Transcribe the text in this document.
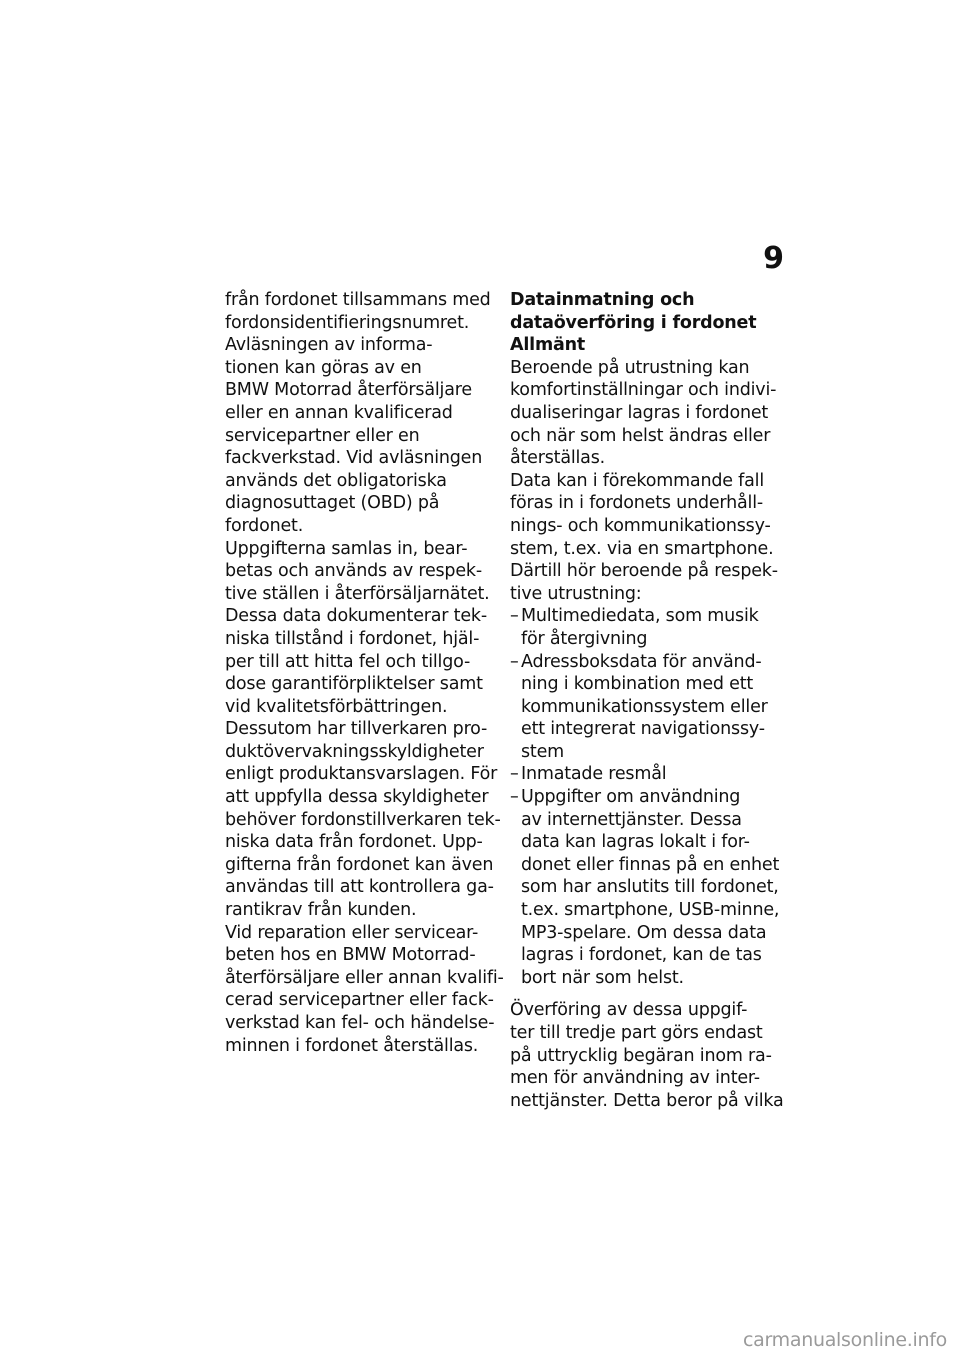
9
från fordonet tillsammans med
fordonsidentifieringsnumret.
Avläsningen av informa-
tionen kan göras av en
BMW Motorrad återförsäljare
eller en annan kvalificerad
servicepartner eller en
fackverkstad. Vid avläsningen
används det obligatoriska
diagnosuttaget (OBD) på
fordonet.
Uppgifterna samlas in, bear-
betas och används av respek-
tive ställen i återförsäljarnätet.
Dessa data dokumenterar tek-
niska tillstånd i fordonet, hjäl-
per till att hitta fel och tillgo-
dose garantiförpliktelser samt
vid kvalitetsförbättringen.
Dessutom har tillverkaren pro-
duktövervakningsskyldigheter
enligt produktansvarslagen. För
att uppfylla dessa skyldigheter
behöver fordonstillverkaren tek-
niska data från fordonet. Upp-
gifterna från fordonet kan även
användas till att kontrollera ga-
rantikrav från kunden.
Vid reparation eller servicear-
beten hos en BMW Motorrad-
återförsäljare eller annan kvalifi-
cerad servicepartner eller fack-
verkstad kan fel- och händelse-
minnen i fordonet återställas.
Datainmatning och
dataöverföring i fordonet
Allmänt
Beroende på utrustning kan
komfortinställningar och indivi-
dualiseringar lagras i fordonet
och när som helst ändras eller
återställas.
Data kan i förekommande fall
föras in i fordonets underhåll-
nings- och kommunikationssy-
stem, t.ex. via en smartphone.
Därtill hör beroende på respek-
tive utrustning:
– Multimediedata, som musik
för återgivning
– Adressboksdata för använd-
ning i kombination med ett
kommunikationssystem eller
ett integrerat navigationssy-
stem
– Inmatade resmål
– Uppgifter om användning
av internettjänster. Dessa
data kan lagras lokalt i for-
donet eller finnas på en enhet
som har anslutits till fordonet,
t.ex. smartphone, USB-minne,
MP3-spelare. Om dessa data
lagras i fordonet, kan de tas
bort när som helst.
Överföring av dessa uppgif-
ter till tredje part görs endast
på uttrycklig begäran inom ra-
men för användning av inter-
nettjänster. Detta beror på vilka
carmanualsonline.info
